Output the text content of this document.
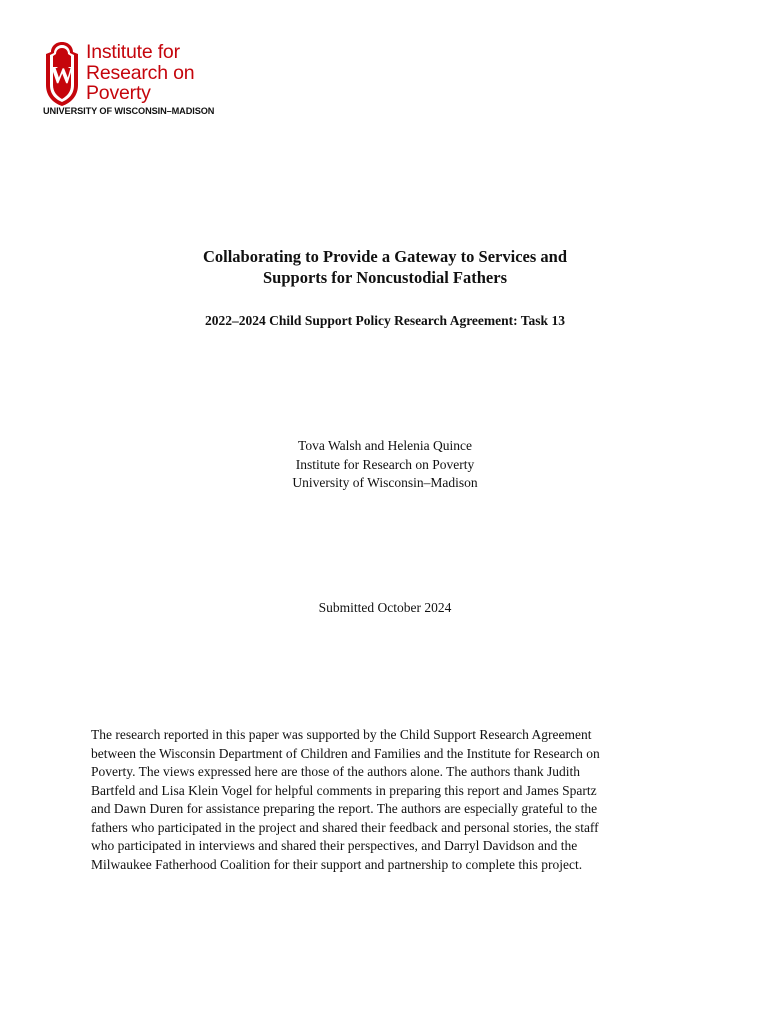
W
Institute for
Research on
Poverty
UNIVERSITY OF WISCONSIN–MADISON
Collaborating to Provide a Gateway to Services and
Supports for Noncustodial Fathers
2022–2024 Child Support Policy Research Agreement: Task 13
Tova Walsh and Helenia Quince
Institute for Research on Poverty
University of Wisconsin–Madison
Submitted October 2024
The research reported in this paper was supported by the Child Support Research Agreement
between the Wisconsin Department of Children and Families and the Institute for Research on
Poverty. The views expressed here are those of the authors alone. The authors thank Judith
Bartfeld and Lisa Klein Vogel for helpful comments in preparing this report and James Spartz
and Dawn Duren for assistance preparing the report. The authors are especially grateful to the
fathers who participated in the project and shared their feedback and personal stories, the staff
who participated in interviews and shared their perspectives, and Darryl Davidson and the
Milwaukee Fatherhood Coalition for their support and partnership to complete this project.
